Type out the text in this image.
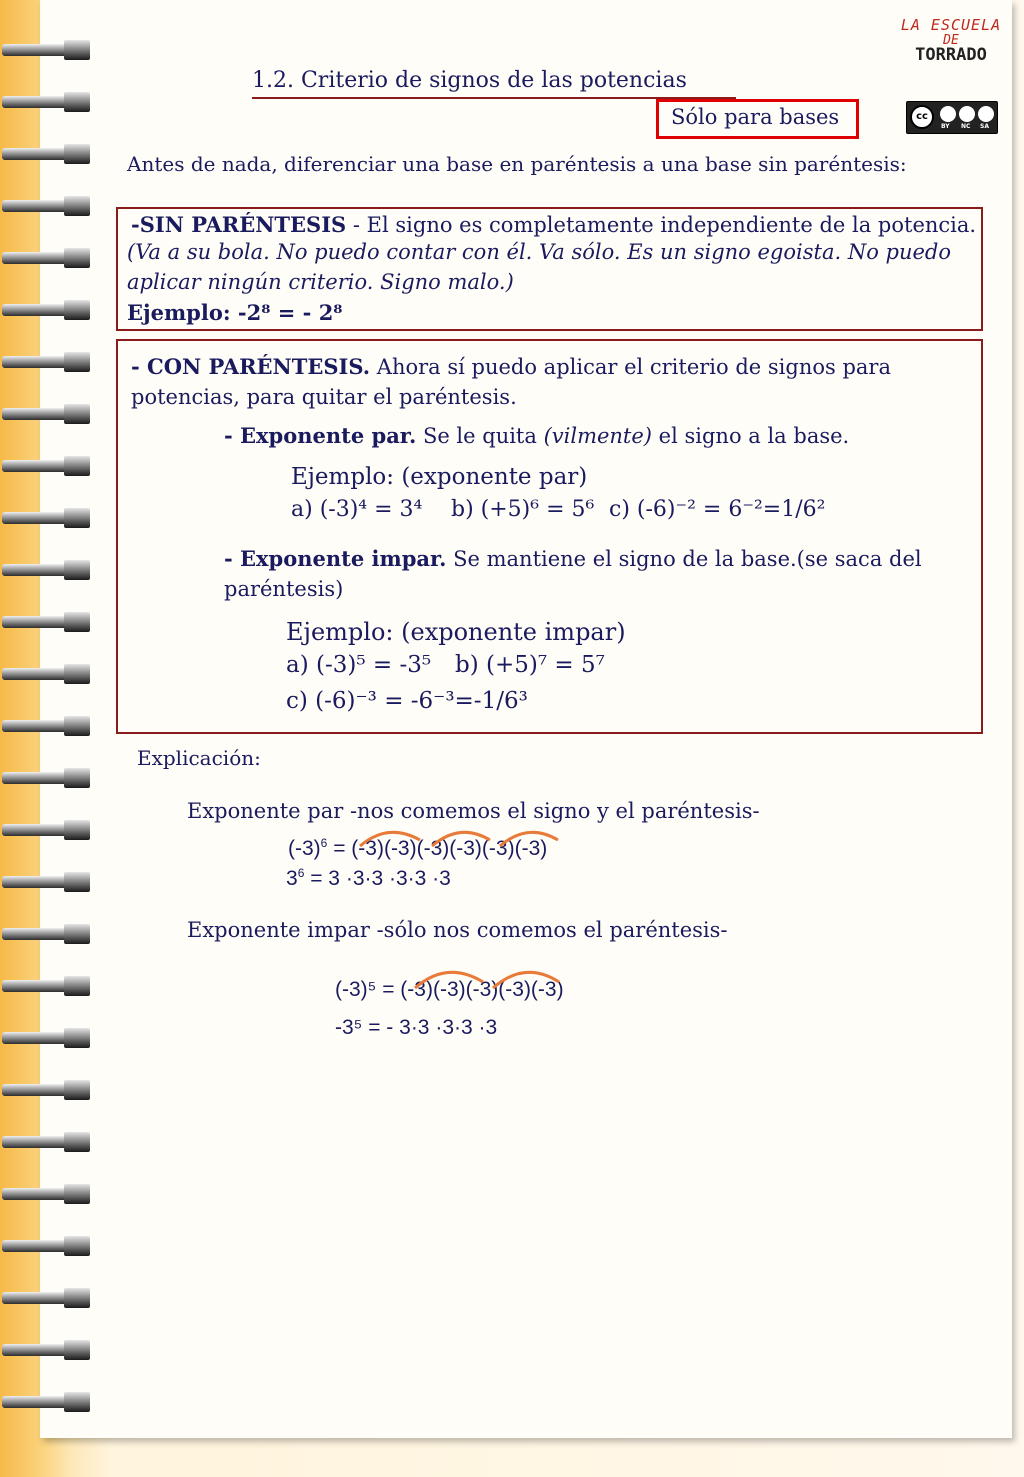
LA ESCUELA
DE
TORRADO
cc
BY NC SA
1.2. Criterio de signos de las potencias
Sólo para bases
Antes de nada, diferenciar una base en paréntesis a una base sin paréntesis:
-SIN PARÉNTESIS - El signo es completamente independiente de la potencia.
(Va a su bola. No puedo contar con él. Va sólo. Es un signo egoista. No puedo
aplicar ningún criterio. Signo malo.)
Ejemplo: -2⁸ = - 2⁸
- CON PARÉNTESIS. Ahora sí puedo aplicar el criterio de signos para
potencias, para quitar el paréntesis.
- Exponente par. Se le quita (vilmente) el signo a la base.
Ejemplo: (exponente par)
a) (-3)⁴ = 3⁴ b) (+5)⁶ = 5⁶ c) (-6)⁻² = 6⁻²=1/6²
- Exponente impar. Se mantiene el signo de la base.(se saca del
paréntesis)
Ejemplo: (exponente impar)
a) (-3)⁵ = -3⁵ b) (+5)⁷ = 5⁷
c) (-6)⁻³ = -6⁻³=-1/6³
Explicación:
Exponente par -nos comemos el signo y el paréntesis-
$(-3)^6 = (-3)(-3)(-3)(-3)(-3)(-3)$
$3^6 = 3 \cdot 3\cdot 3 \cdot 3\cdot 3 \cdot 3$
Exponente impar -sólo nos comemos el paréntesis-
(-3)⁵ = (-3)(-3)(-3)(-3)(-3)
-3⁵ = - 3·3 ·3·3 ·3
